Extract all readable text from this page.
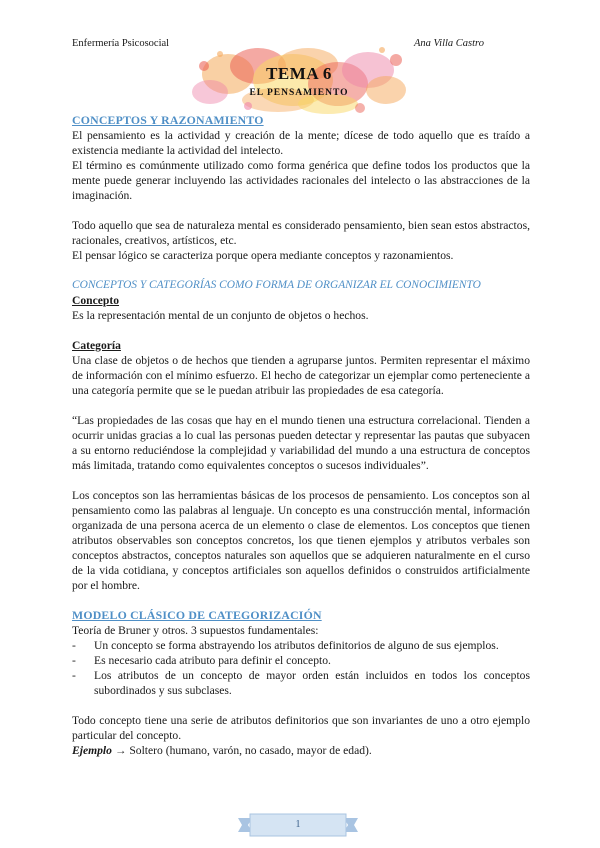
Enfermería Psicosocial	Ana Villa Castro
TEMA 6
EL PENSAMIENTO
CONCEPTOS Y RAZONAMIENTO

El pensamiento es la actividad y creación de la mente; dícese de todo aquello que es traído a existencia mediante la actividad del intelecto.

El término es comúnmente utilizado como forma genérica que define todos los productos que la mente puede generar incluyendo las actividades racionales del intelecto o las abstracciones de la imaginación.

Todo aquello que sea de naturaleza mental es considerado pensamiento, bien sean estos abstractos, racionales, creativos, artísticos, etc.

El pensar lógico se caracteriza porque opera mediante conceptos y razonamientos.

CONCEPTOS Y CATEGORÍAS COMO FORMA DE ORGANIZAR EL CONOCIMIENTO
Concepto

Es la representación mental de un conjunto de objetos o hechos.

Categoría

Una clase de objetos o de hechos que tienden a agruparse juntos. Permiten representar el máximo de información con el mínimo esfuerzo. El hecho de categorizar un ejemplar como perteneciente a una categoría permite que se le puedan atribuir las propiedades de esa categoría.

“Las propiedades de las cosas que hay en el mundo tienen una estructura correlacional. Tienden a ocurrir unidas gracias a lo cual las personas pueden detectar y representar las pautas que subyacen a su entorno reduciéndose la complejidad y variabilidad del mundo a una estructura de conceptos más limitada, tratando como equivalentes conceptos o sucesos individuales”.

Los conceptos son las herramientas básicas de los procesos de pensamiento. Los conceptos son al pensamiento como las palabras al lenguaje. Un concepto es una construcción mental, información organizada de una persona acerca de un elemento o clase de elementos. Los conceptos que tienen atributos observables son conceptos concretos, los que tienen ejemplos y atributos verbales son conceptos abstractos, conceptos naturales son aquellos que se adquieren naturalmente en el curso de la vida cotidiana, y conceptos artificiales son aquellos definidos o construidos artificialmente por el hombre.

MODELO CLÁSICO DE CATEGORIZACIÓN

Teoría de Bruner y otros. 3 supuestos fundamentales:

- Un concepto se forma abstrayendo los atributos definitorios de alguno de sus ejemplos.
- Es necesario cada atributo para definir el concepto.
- Los atributos de un concepto de mayor orden están incluidos en todos los conceptos subordinados y sus subclases.

Todo concepto tiene una serie de atributos definitorios que son invariantes de uno a otro ejemplo particular del concepto.

Ejemplo → Soltero (humano, varón, no casado, mayor de edad).

1
